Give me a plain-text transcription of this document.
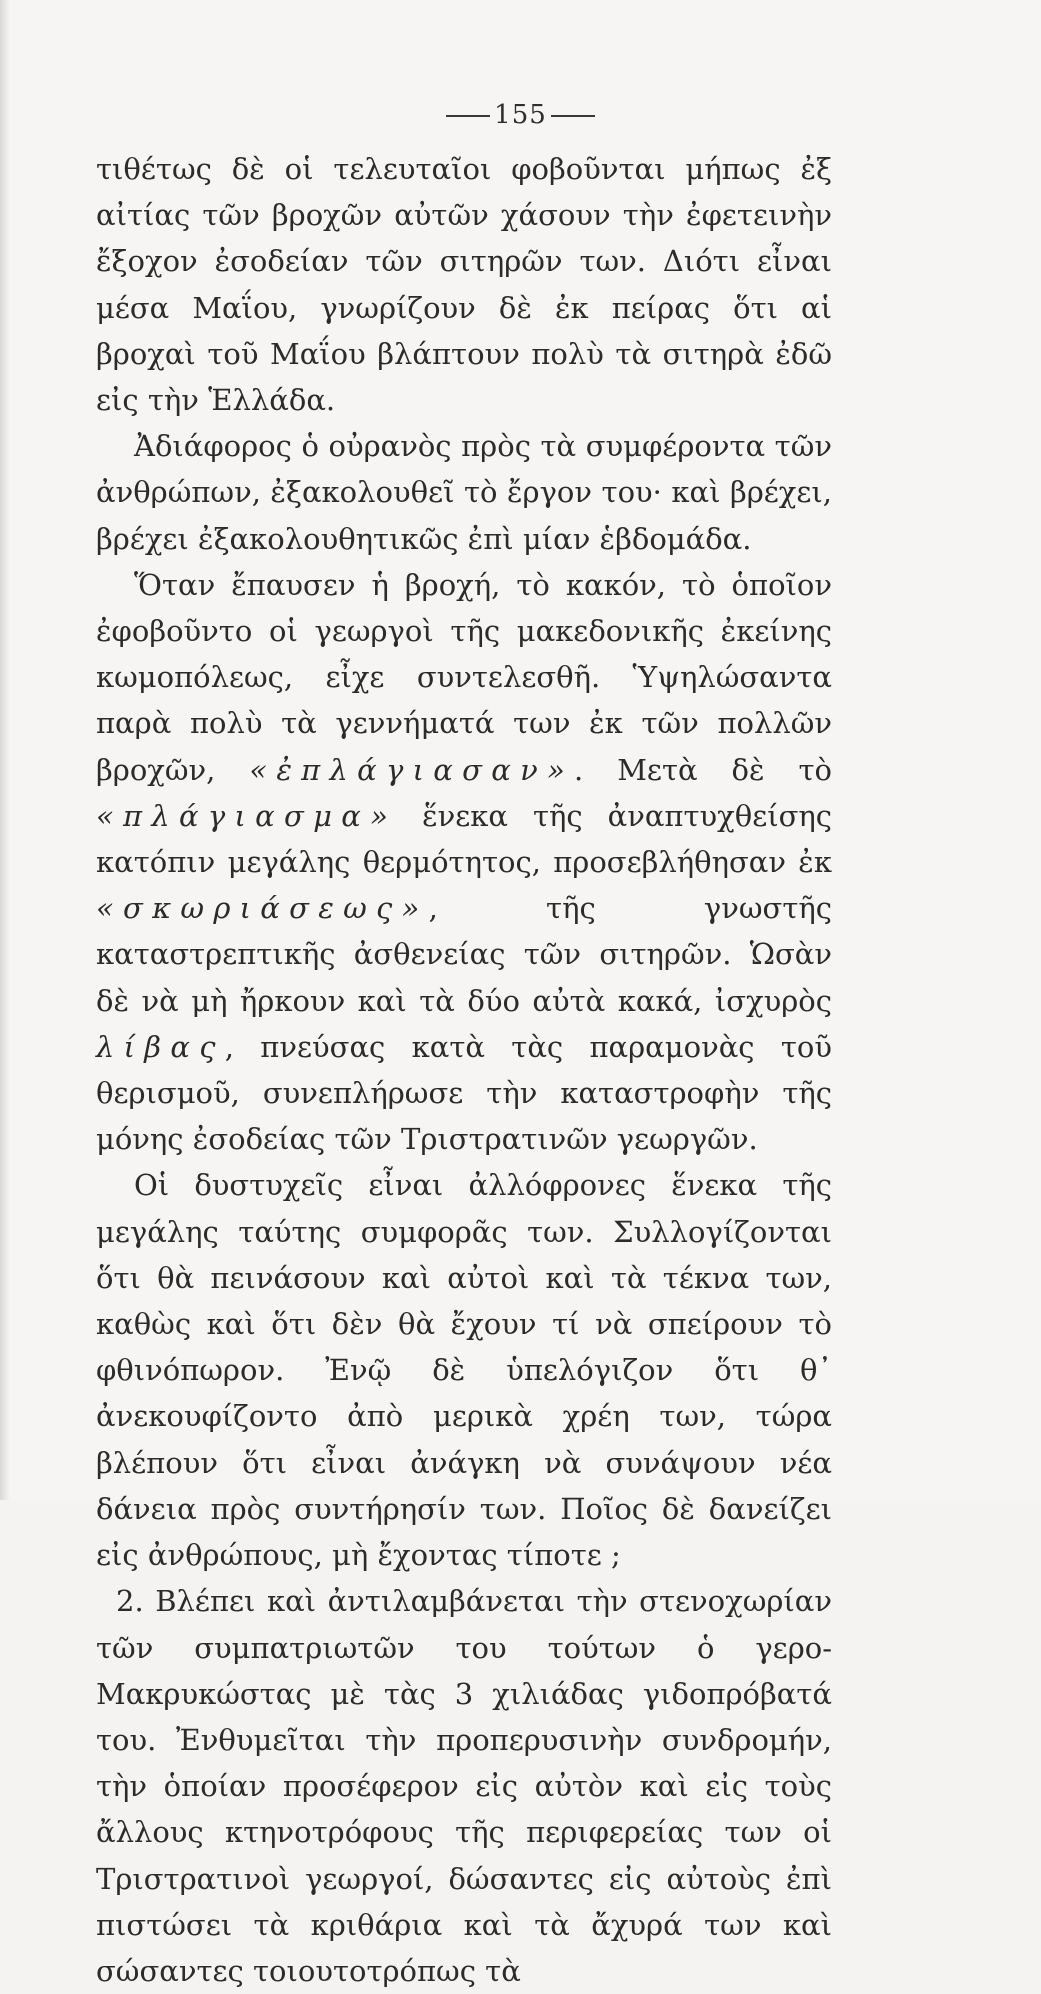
155

τιθέτως δὲ οἱ τελευταῖοι φοβοῦνται μήπως ἐξ αἰτίας τῶν βροχῶν αὐτῶν χάσουν τὴν ἐφετεινὴν ἔξοχον ἐσοδείαν τῶν σιτηρῶν των. Διότι εἶναι μέσα Μαΐου, γνωρίζουν δὲ ἐκ πείρας ὅτι αἱ βροχαὶ τοῦ Μαΐου βλάπτουν πολὺ τὰ σιτηρὰ ἐδῶ εἰς τὴν Ἑλλάδα.

Ἀδιάφορος ὁ οὐρανὸς πρὸς τὰ συμφέροντα τῶν ἀνθρώπων, ἐξακολουθεῖ τὸ ἔργον του· καὶ βρέχει, βρέχει ἐξακολουθητικῶς ἐπὶ μίαν ἑβδομάδα.

Ὅταν ἔπαυσεν ἡ βροχή, τὸ κακόν, τὸ ὁποῖον ἐφοβοῦντο οἱ γεωργοὶ τῆς μακεδονικῆς ἐκείνης κωμοπόλεως, εἶχε συντελεσθῆ. Ὑψηλώσαντα παρὰ πολὺ τὰ γεννήματά των ἐκ τῶν πολλῶν βροχῶν, «ἐπλάγιασαν». Μετὰ δὲ τὸ «πλάγιασμα» ἕνεκα τῆς ἀναπτυχθείσης κατόπιν μεγάλης θερμότητος, προσεβλήθησαν ἐκ «σκωριάσεως», τῆς γνωστῆς καταστρεπτικῆς ἀσθενείας τῶν σιτηρῶν. Ὡσὰν δὲ νὰ μὴ ἤρκουν καὶ τὰ δύο αὐτὰ κακά, ἰσχυρὸς λίβας, πνεύσας κατὰ τὰς παραμονὰς τοῦ θερισμοῦ, συνεπλήρωσε τὴν καταστροφὴν τῆς μόνης ἐσοδείας τῶν Τριστρατινῶν γεωργῶν.

Οἱ δυστυχεῖς εἶναι ἀλλόφρονες ἕνεκα τῆς μεγάλης ταύτης συμφορᾶς των. Συλλογίζονται ὅτι θὰ πεινάσουν καὶ αὐτοὶ καὶ τὰ τέκνα των, καθὼς καὶ ὅτι δὲν θὰ ἔχουν τί νὰ σπείρουν τὸ φθινόπωρον. Ἐνῷ δὲ ὑπελόγιζον ὅτι θ᾿ ἀνεκουφίζοντο ἀπὸ μερικὰ χρέη των, τώρα βλέπουν ὅτι εἶναι ἀνάγκη νὰ συνάψουν νέα δάνεια πρὸς συντήρησίν των. Ποῖος δὲ δανείζει εἰς ἀνθρώπους, μὴ ἔχοντας τίποτε ;

2. Βλέπει καὶ ἀντιλαμβάνεται τὴν στενοχωρίαν τῶν συμπατριωτῶν του τούτων ὁ γερο-Μακρυκώστας μὲ τὰς 3 χιλιάδας γιδοπρόβατά του. Ἐνθυμεῖται τὴν προπερυσινὴν συνδρομήν, τὴν ὁποίαν προσέφερον εἰς αὐτὸν καὶ εἰς τοὺς ἄλλους κτηνοτρόφους τῆς περιφερείας των οἱ Τριστρατινοὶ γεωργοί, δώσαντες εἰς αὐτοὺς ἐπὶ πιστώσει τὰ κριθάρια καὶ τὰ ἄχυρά των καὶ σώσαντες τοιουτοτρόπως τὰ
